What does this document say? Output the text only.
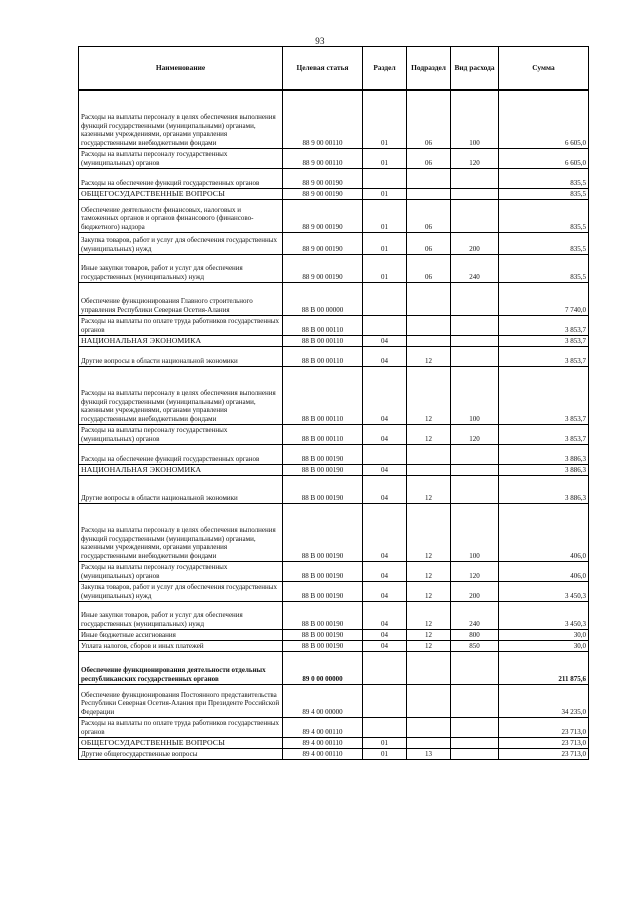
93
Наименование	Целевая статья	Раздел	Подраздел	Вид расхода	Сумма
Расходы на выплаты персоналу в целях обеспечения выполнения функций государственными (муниципальными) органами, казенными учреждениями, органами управления государственными внебюджетными фондами	88 9 00 00110	01	06	100	6 605,0
Расходы на выплаты персоналу государственных (муниципальных) органов	88 9 00 00110	01	06	120	6 605,0
Расходы на обеспечение функций государственных органов	88 9 00 00190				835,5
ОБЩЕГОСУДАРСТВЕННЫЕ ВОПРОСЫ	88 9 00 00190	01			835,5
Обеспечение деятельности финансовых, налоговых и таможенных органов и органов финансового (финансово-бюджетного) надзора	88 9 00 00190	01	06		835,5
Закупка товаров, работ и услуг для обеспечения государственных (муниципальных) нужд	88 9 00 00190	01	06	200	835,5
Иные закупки товаров, работ и услуг для обеспечения государственных (муниципальных) нужд	88 9 00 00190	01	06	240	835,5
Обеспечение функционирования Главного строительного управления Республики Северная Осетия-Алания	88 В 00 00000				7 740,0
Расходы на выплаты по оплате труда работников государственных органов	88 В 00 00110				3 853,7
НАЦИОНАЛЬНАЯ ЭКОНОМИКА	88 В 00 00110	04			3 853,7
Другие вопросы в области национальной экономики	88 В 00 00110	04	12		3 853,7
Расходы на выплаты персоналу в целях обеспечения выполнения функций государственными (муниципальными) органами, казенными учреждениями, органами управления государственными внебюджетными фондами	88 В 00 00110	04	12	100	3 853,7
Расходы на выплаты персоналу государственных (муниципальных) органов	88 В 00 00110	04	12	120	3 853,7
Расходы на обеспечение функций государственных органов	88 В 00 00190				3 886,3
НАЦИОНАЛЬНАЯ ЭКОНОМИКА	88 В 00 00190	04			3 886,3
Другие вопросы в области национальной экономики	88 В 00 00190	04	12		3 886,3
Расходы на выплаты персоналу в целях обеспечения выполнения функций государственными (муниципальными) органами, казенными учреждениями, органами управления государственными внебюджетными фондами	88 В 00 00190	04	12	100	406,0
Расходы на выплаты персоналу государственных (муниципальных) органов	88 В 00 00190	04	12	120	406,0
Закупка товаров, работ и услуг для обеспечения государственных (муниципальных) нужд	88 В 00 00190	04	12	200	3 450,3
Иные закупки товаров, работ и услуг для обеспечения государственных (муниципальных) нужд	88 В 00 00190	04	12	240	3 450,3
Иные бюджетные ассигнования	88 В 00 00190	04	12	800	30,0
Уплата налогов, сборов и иных платежей	88 В 00 00190	04	12	850	30,0
Обеспечение функционирования деятельности отдельных республиканских государственных органов	89 0 00 00000				211 875,6
Обеспечение функционирования Постоянного представительства Республики Северная Осетия-Алания при Президенте Российской Федерации	89 4 00 00000				34 235,0
Расходы на выплаты по оплате труда работников государственных органов	89 4 00 00110				23 713,0
ОБЩЕГОСУДАРСТВЕННЫЕ ВОПРОСЫ	89 4 00 00110	01			23 713,0
Другие общегосударственные вопросы	89 4 00 00110	01	13		23 713,0
